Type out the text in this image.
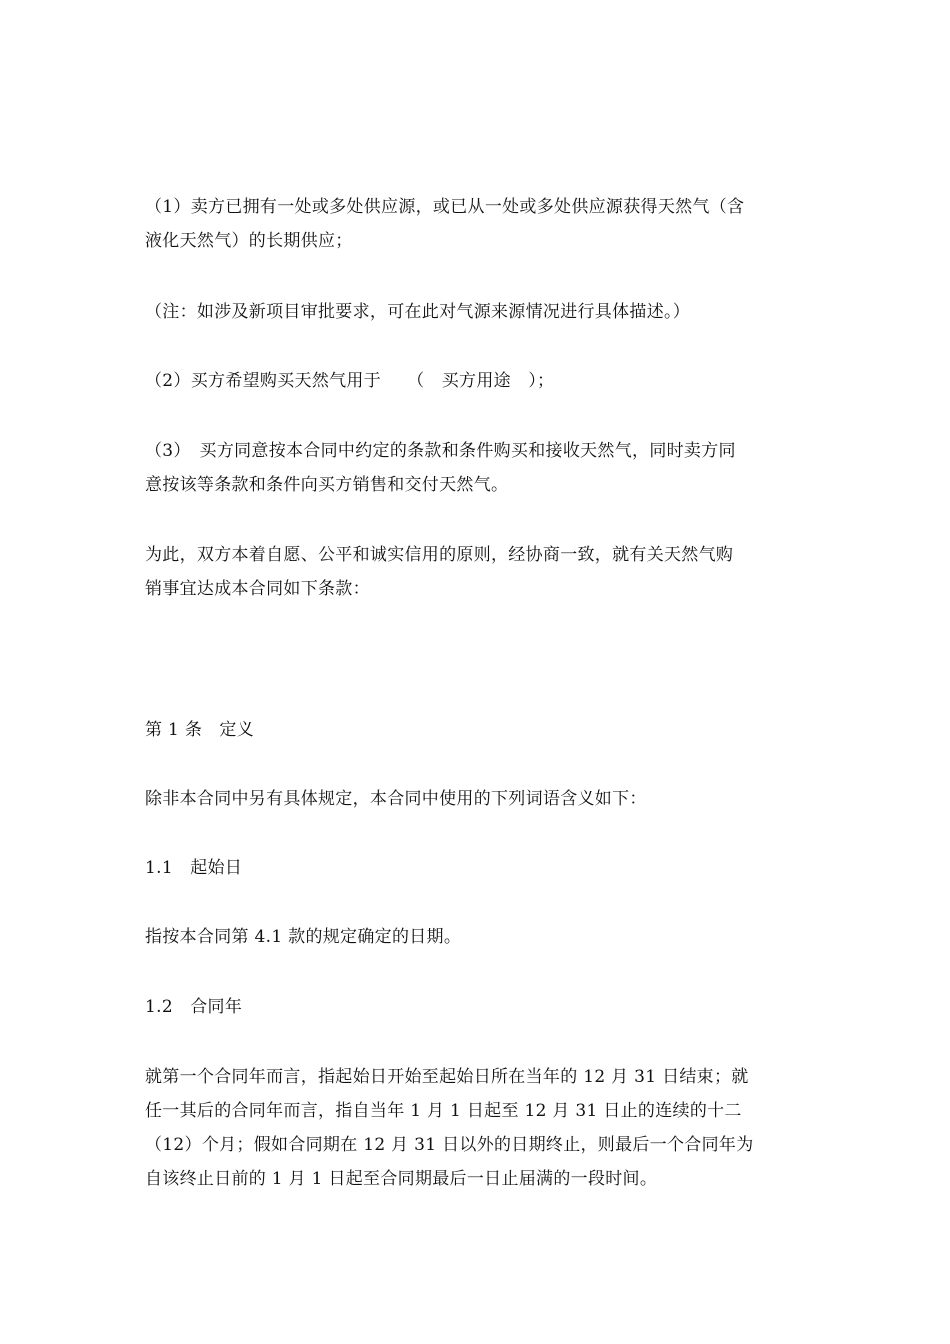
（1）卖方已拥有一处或多处供应源，或已从一处或多处供应源获得天然气（含
液化天然气）的长期供应；

（注：如涉及新项目审批要求，可在此对气源来源情况进行具体描述。）

（2）买方希望购买天然气用于　　（　买方用途　）；

（3）　买方同意按本合同中约定的条款和条件购买和接收天然气，同时卖方同
意按该等条款和条件向买方销售和交付天然气。

为此，双方本着自愿、公平和诚实信用的原则，经协商一致，就有关天然气购
销事宜达成本合同如下条款：

第 1 条　定义

除非本合同中另有具体规定，本合同中使用的下列词语含义如下：

1.1　起始日

指按本合同第 4.1 款的规定确定的日期。

1.2　合同年

就第一个合同年而言，指起始日开始至起始日所在当年的 12 月 31 日结束；就
任一其后的合同年而言，指自当年 1 月 1 日起至 12 月 31 日止的连续的十二
（12）个月；假如合同期在 12 月 31 日以外的日期终止，则最后一个合同年为
自该终止日前的 1 月 1 日起至合同期最后一日止届满的一段时间。
